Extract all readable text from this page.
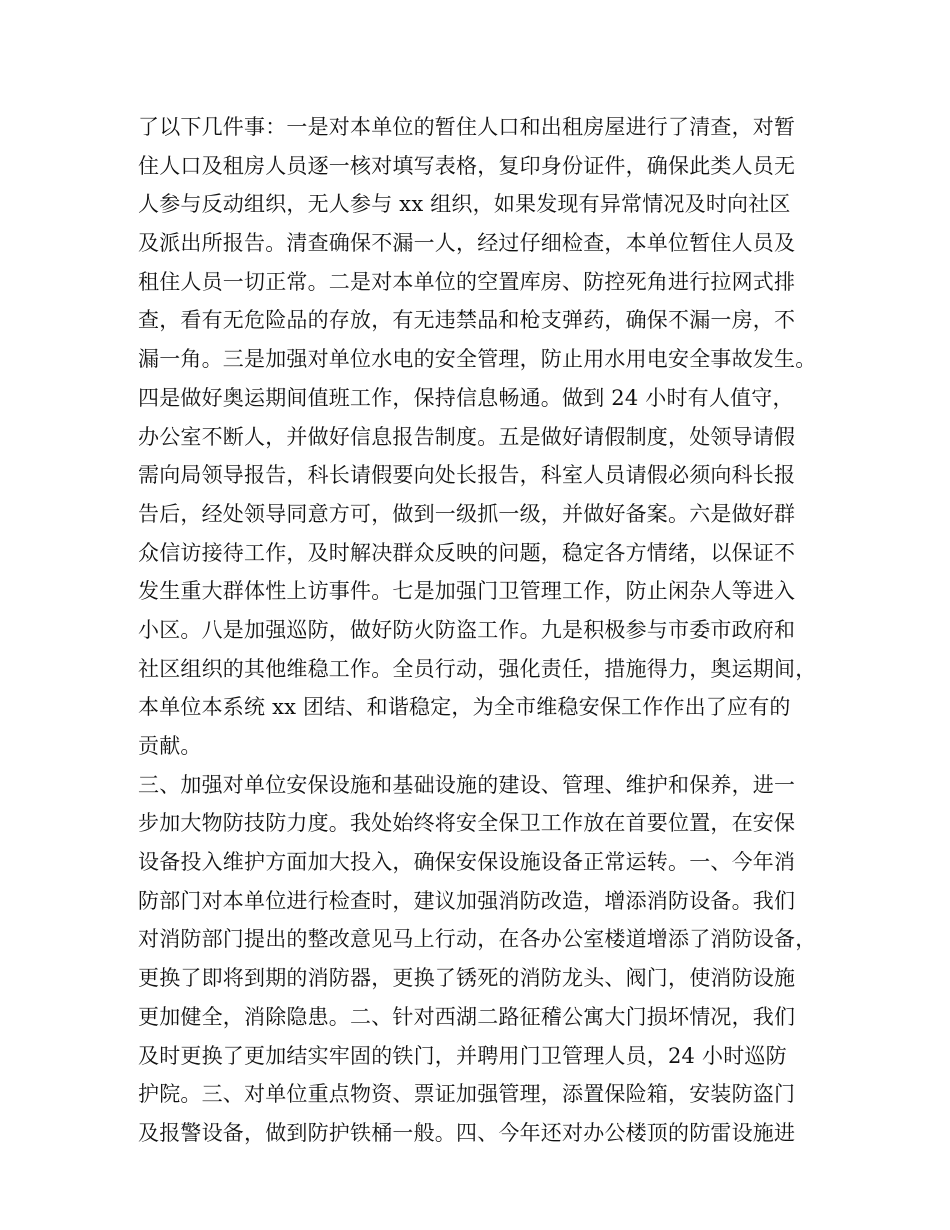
了以下几件事：一是对本单位的暂住人口和出租房屋进行了清查，对暂
住人口及租房人员逐一核对填写表格，复印身份证件，确保此类人员无
人参与反动组织，无人参与 xx 组织，如果发现有异常情况及时向社区
及派出所报告。清查确保不漏一人，经过仔细检查，本单位暂住人员及
租住人员一切正常。二是对本单位的空置库房、防控死角进行拉网式排
查，看有无危险品的存放，有无违禁品和枪支弹药，确保不漏一房，不
漏一角。三是加强对单位水电的安全管理，防止用水用电安全事故发生。
四是做好奥运期间值班工作，保持信息畅通。做到 24 小时有人值守，
办公室不断人，并做好信息报告制度。五是做好请假制度，处领导请假
需向局领导报告，科长请假要向处长报告，科室人员请假必须向科长报
告后，经处领导同意方可，做到一级抓一级，并做好备案。六是做好群
众信访接待工作，及时解决群众反映的问题，稳定各方情绪，以保证不
发生重大群体性上访事件。七是加强门卫管理工作，防止闲杂人等进入
小区。八是加强巡防，做好防火防盗工作。九是积极参与市委市政府和
社区组织的其他维稳工作。全员行动，强化责任，措施得力，奥运期间，
本单位本系统 xx 团结、和谐稳定，为全市维稳安保工作作出了应有的
贡献。
三、加强对单位安保设施和基础设施的建设、管理、维护和保养，进一
步加大物防技防力度。我处始终将安全保卫工作放在首要位置，在安保
设备投入维护方面加大投入，确保安保设施设备正常运转。一、今年消
防部门对本单位进行检查时，建议加强消防改造，增添消防设备。我们
对消防部门提出的整改意见马上行动，在各办公室楼道增添了消防设备，
更换了即将到期的消防器，更换了锈死的消防龙头、阀门，使消防设施
更加健全，消除隐患。二、针对西湖二路征稽公寓大门损坏情况，我们
及时更换了更加结实牢固的铁门，并聘用门卫管理人员，24 小时巡防
护院。三、对单位重点物资、票证加强管理，添置保险箱，安装防盗门
及报警设备，做到防护铁桶一般。四、今年还对办公楼顶的防雷设施进
